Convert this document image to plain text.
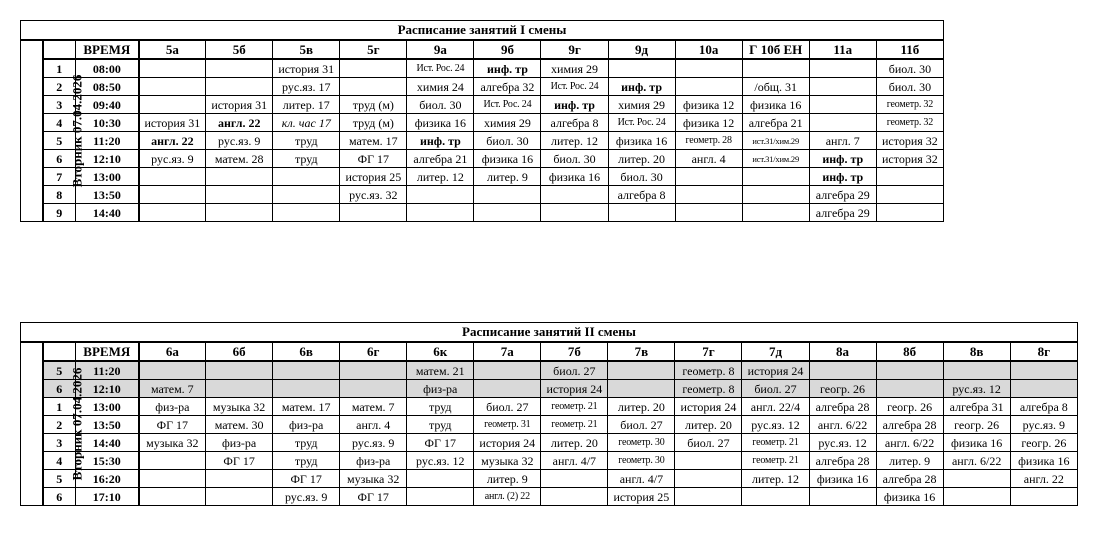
Расписание занятий I смены														
Вторник 07.04.2026		ВРЕМЯ	5а	5б	5в	5г	9а	9б	9г	9д	10а	Г 10б ЕН	11а	11б
	1	08:00			история 31		Ист. Рос. 24	инф. тр	химия 29					биол. 30
	2	08:50			рус.яз. 17		химия 24	алгебра 32	Ист. Рос. 24	инф. тр		/общ. 31		биол. 30
	3	09:40		история 31	литер. 17	труд (м)	биол. 30	Ист. Рос. 24	инф. тр	химия 29	физика 12	физика 16		геометр. 32
	4	10:30	история 31	англ. 22	кл. час 17	труд (м)	физика 16	химия 29	алгебра 8	Ист. Рос. 24	физика 12	алгебра 21		геометр. 32
	5	11:20	англ. 22	рус.яз. 9	труд	матем. 17	инф. тр	биол. 30	литер. 12	физика 16	геометр. 28	ист.31/хим.29	англ. 7	история 32
	6	12:10	рус.яз. 9	матем. 28	труд	ФГ 17	алгебра 21	физика 16	биол. 30	литер. 20	англ. 4	ист.31/хим.29	инф. тр	история 32
	7	13:00				история 25	литер. 12	литер. 9	физика 16	биол. 30			инф. тр	
	8	13:50				рус.яз. 32				алгебра 8			алгебра 29	
	9	14:40											алгебра 29	
Расписание занятий II смены																
Вторник 07.04.2026		ВРЕМЯ	6а	6б	6в	6г	6к	7а	7б	7в	7г	7д	8а	8б	8в	8г
	5	11:20					матем. 21		биол. 27		геометр. 8	история 24				
	6	12:10	матем. 7				физ-ра		история 24		геометр. 8	биол. 27	геогр. 26		рус.яз. 12	
	1	13:00	физ-ра	музыка 32	матем. 17	матем. 7	труд	биол. 27	геометр. 21	литер. 20	история 24	англ. 22/4	алгебра 28	геогр. 26	алгебра 31	алгебра 8
	2	13:50	ФГ 17	матем. 30	физ-ра	англ. 4	труд	геометр. 31	геометр. 21	биол. 27	литер. 20	рус.яз. 12	англ. 6/22	алгебра 28	геогр. 26	рус.яз. 9
	3	14:40	музыка 32	физ-ра	труд	рус.яз. 9	ФГ 17	история 24	литер. 20	геометр. 30	биол. 27	геометр. 21	рус.яз. 12	англ. 6/22	физика 16	геогр. 26
	4	15:30		ФГ 17	труд	физ-ра	рус.яз. 12	музыка 32	англ. 4/7	геометр. 30		геометр. 21	алгебра 28	литер. 9	англ. 6/22	физика 16
	5	16:20			ФГ 17	музыка 32		литер. 9		англ. 4/7		литер. 12	физика 16	алгебра 28		англ. 22
	6	17:10			рус.яз. 9	ФГ 17		англ. (2) 22		история 25				физика 16		
